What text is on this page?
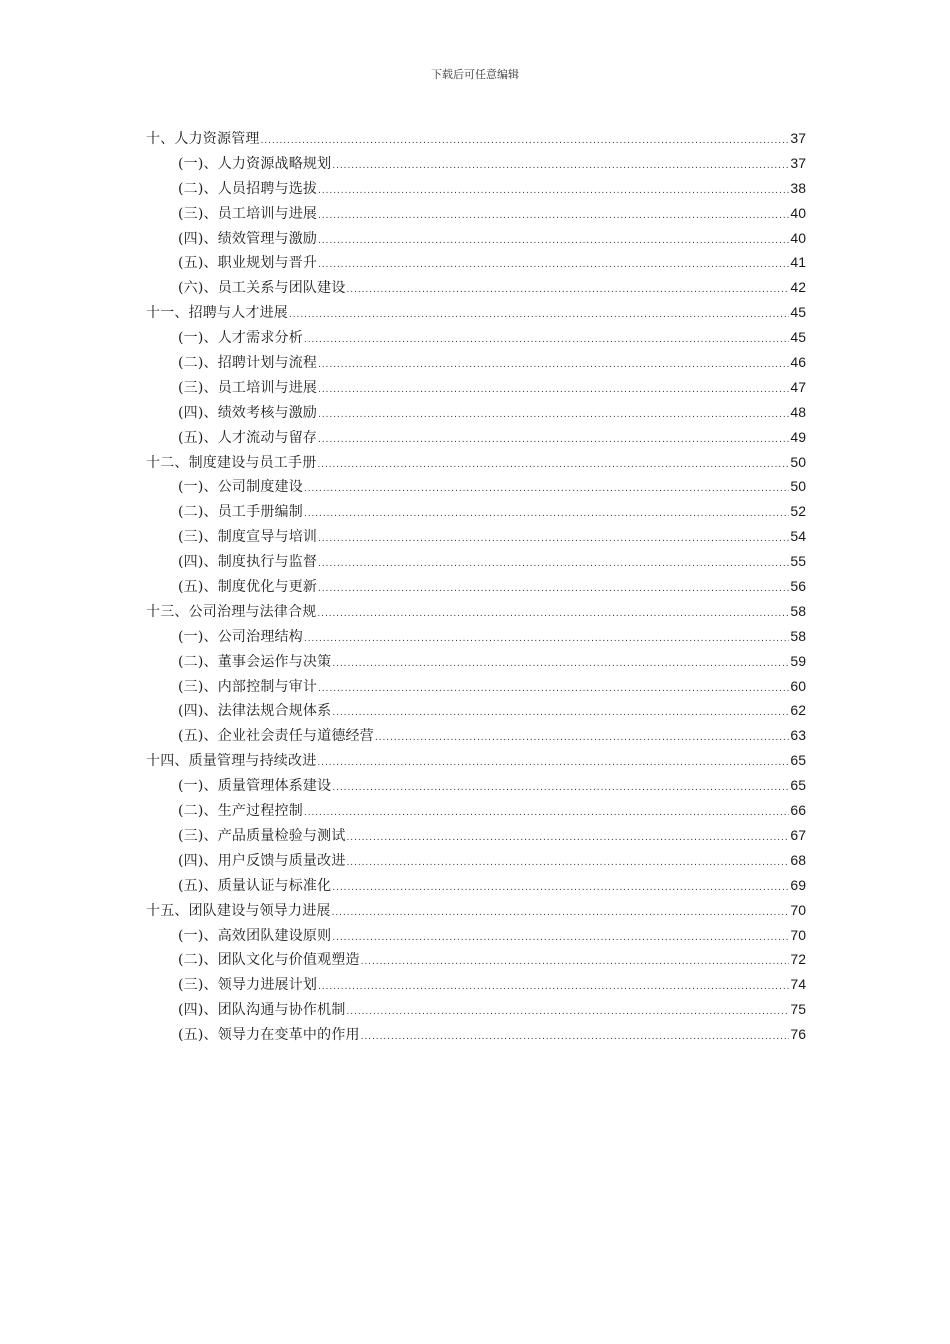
下载后可任意编辑
十、人力资源管理 .....	37
(一)、人力资源战略规划 .....	37
(二)、人员招聘与选拔 .....	38
(三)、员工培训与进展 .....	40
(四)、绩效管理与激励 .....	40
(五)、职业规划与晋升 .....	41
(六)、员工关系与团队建设 .....	42
十一、招聘与人才进展 .....	45
(一)、人才需求分析 .....	45
(二)、招聘计划与流程 .....	46
(三)、员工培训与进展 .....	47
(四)、绩效考核与激励 .....	48
(五)、人才流动与留存 .....	49
十二、制度建设与员工手册 .....	50
(一)、公司制度建设 .....	50
(二)、员工手册编制 .....	52
(三)、制度宣导与培训 .....	54
(四)、制度执行与监督 .....	55
(五)、制度优化与更新 .....	56
十三、公司治理与法律合规 .....	58
(一)、公司治理结构 .....	58
(二)、董事会运作与决策 .....	59
(三)、内部控制与审计 .....	60
(四)、法律法规合规体系 .....	62
(五)、企业社会责任与道德经营 .....	63
十四、质量管理与持续改进 .....	65
(一)、质量管理体系建设 .....	65
(二)、生产过程控制 .....	66
(三)、产品质量检验与测试 .....	67
(四)、用户反馈与质量改进 .....	68
(五)、质量认证与标准化 .....	69
十五、团队建设与领导力进展 .....	70
(一)、高效团队建设原则 .....	70
(二)、团队文化与价值观塑造 .....	72
(三)、领导力进展计划 .....	74
(四)、团队沟通与协作机制 .....	75
(五)、领导力在变革中的作用 .....	76
